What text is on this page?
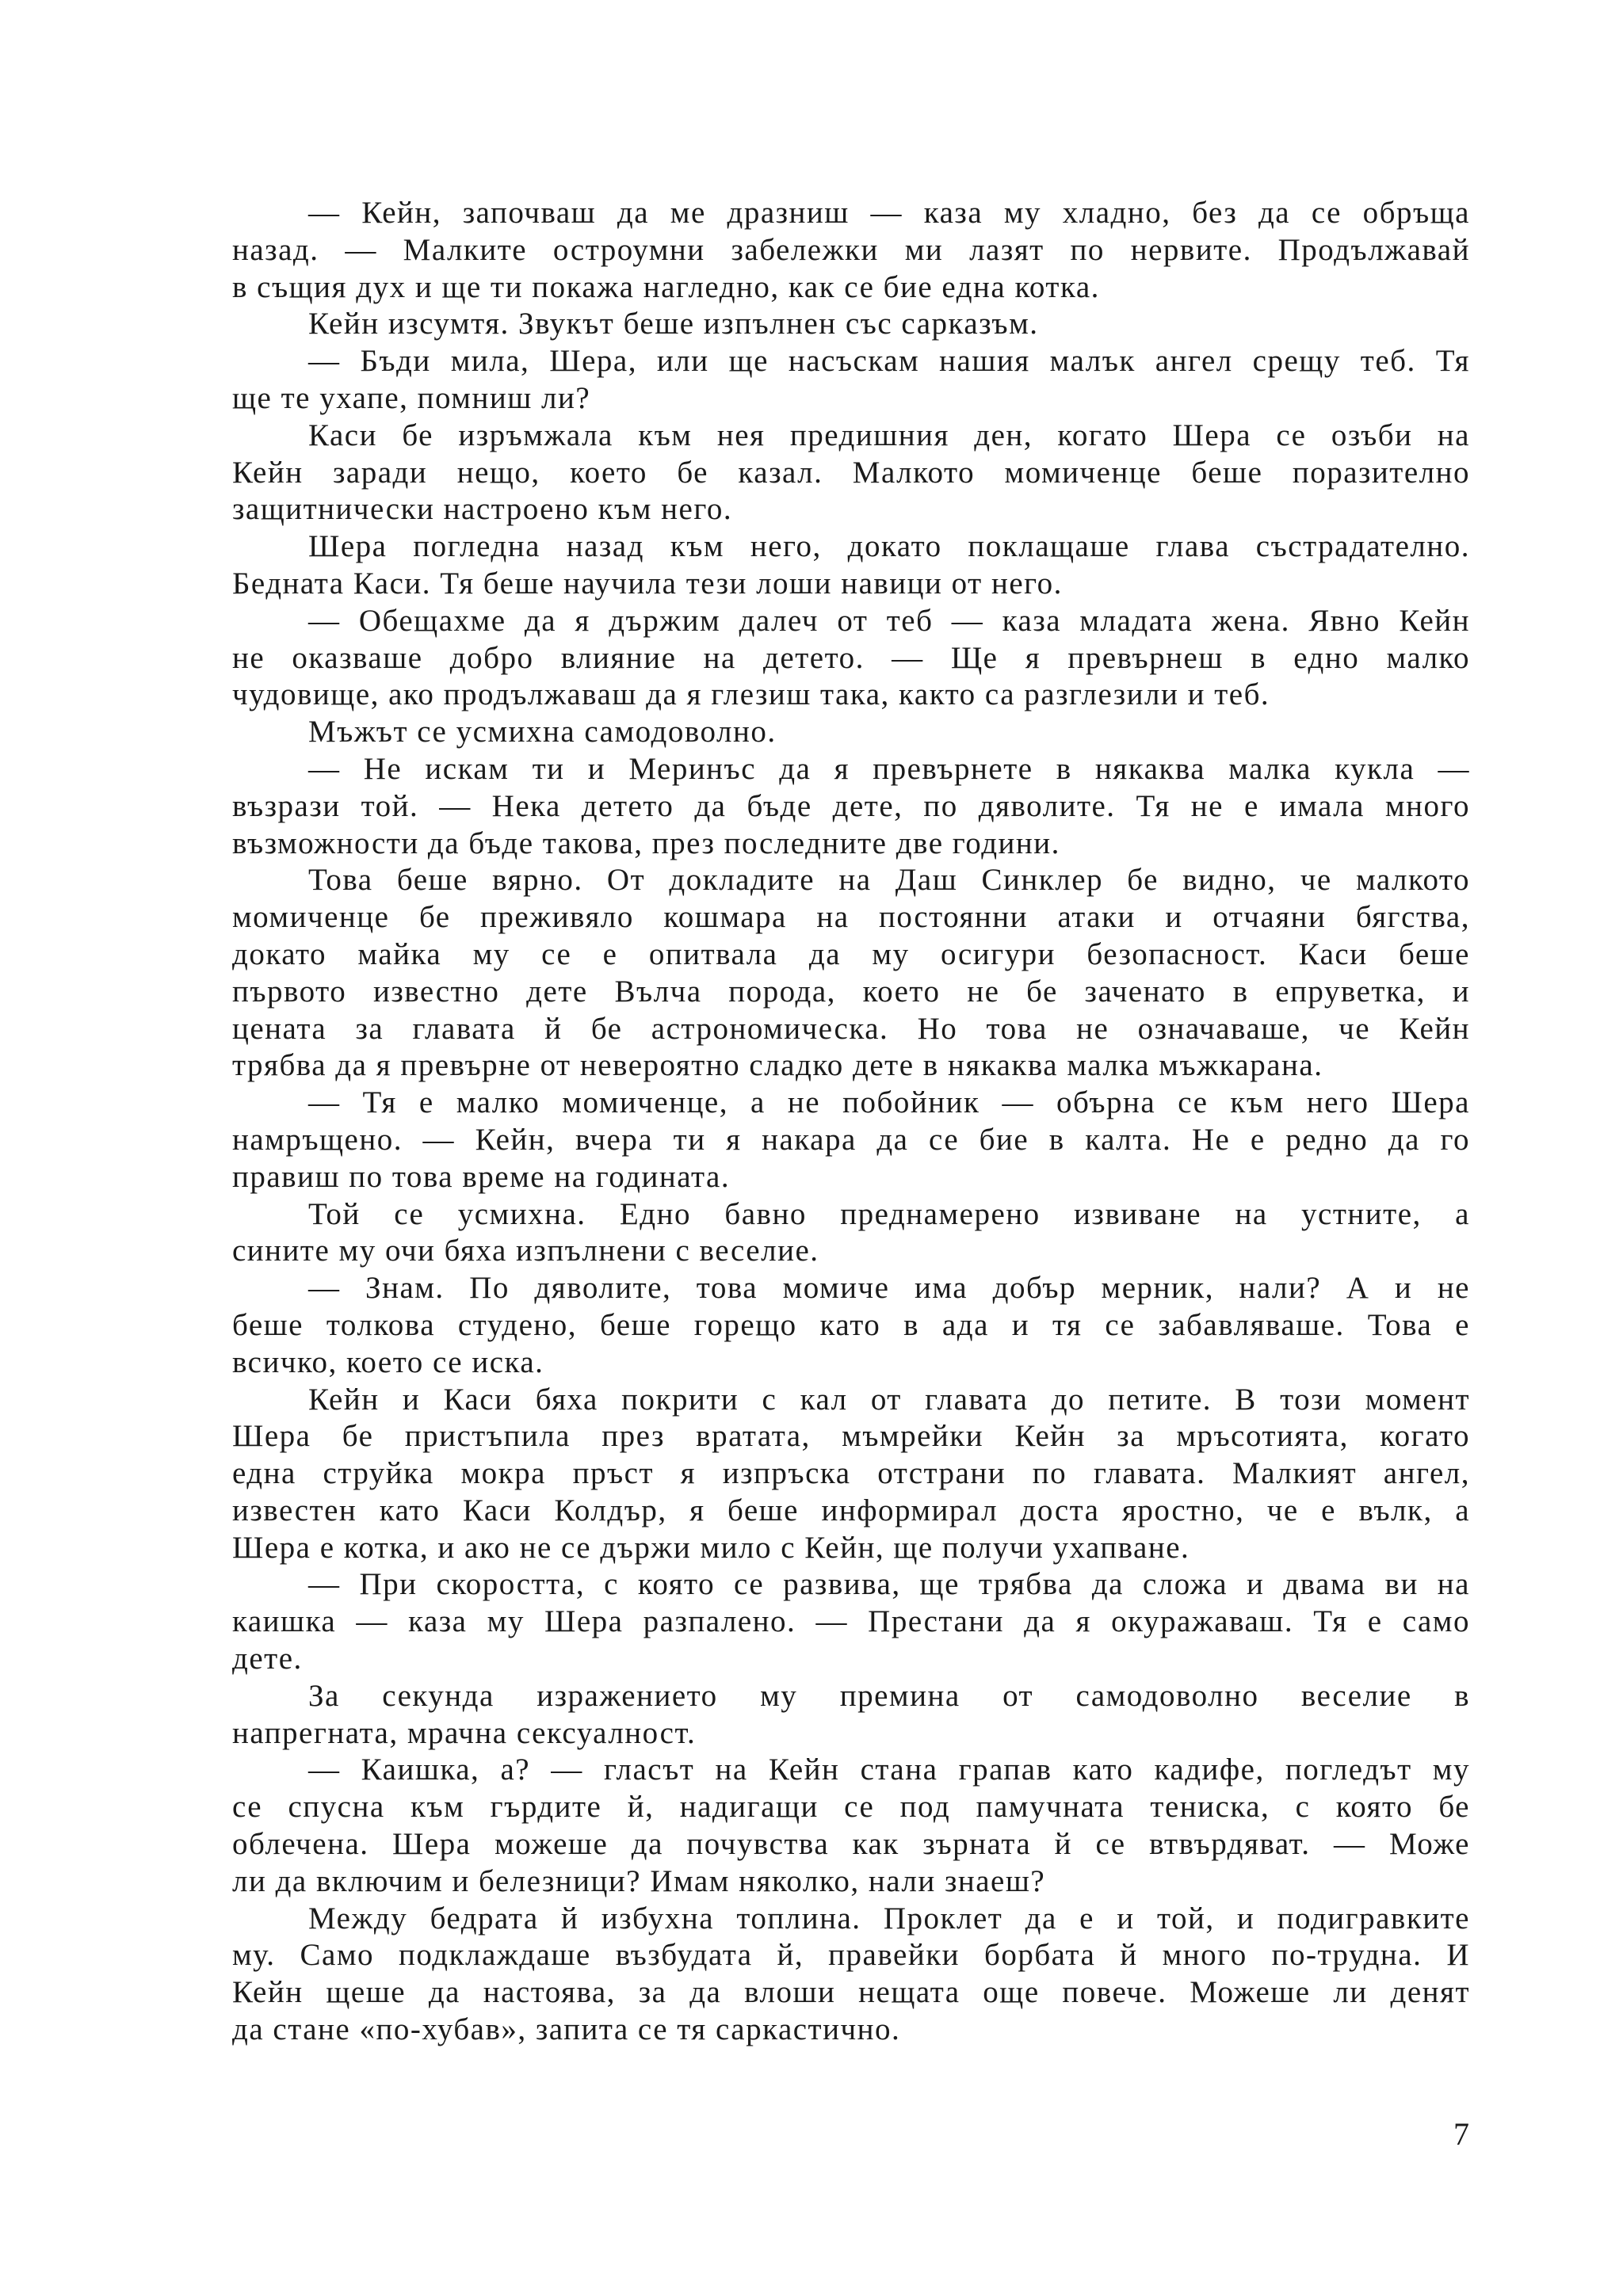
— Кейн, започваш да ме дразниш — каза му хладно, без да се обръща
назад. — Малките остроумни забележки ми лазят по нервите. Продължавай
в същия дух и ще ти покажа нагледно, как се бие една котка.
Кейн изсумтя. Звукът беше изпълнен със сарказъм.
— Бъди мила, Шера, или ще насъскам нашия малък ангел срещу теб. Тя
ще те ухапе, помниш ли?
Каси бе изръмжала към нея предишния ден, когато Шера се озъби на
Кейн заради нещо, което бе казал. Малкото момиченце беше поразително
защитнически настроено към него.
Шера погледна назад към него, докато поклащаше глава състрадателно.
Бедната Каси. Тя беше научила тези лоши навици от него.
— Обещахме да я държим далеч от теб — каза младата жена. Явно Кейн
не оказваше добро влияние на детето. — Ще я превърнеш в едно малко
чудовище, ако продължаваш да я глезиш така, както са разглезили и теб.
Мъжът се усмихна самодоволно.
— Не искам ти и Меринъс да я превърнете в някаква малка кукла —
възрази той. — Нека детето да бъде дете, по дяволите. Тя не е имала много
възможности да бъде такова, през последните две години.
Това беше вярно. От докладите на Даш Синклер бе видно, че малкото
момиченце бе преживяло кошмара на постоянни атаки и отчаяни бягства,
докато майка му се е опитвала да му осигури безопасност. Каси беше
първото известно дете Вълча порода, което не бе заченато в епруветка, и
цената за главата й бе астрономическа. Но това не означаваше, че Кейн
трябва да я превърне от невероятно сладко дете в някаква малка мъжкарана.
— Тя е малко момиченце, а не побойник — обърна се към него Шера
намръщено. — Кейн, вчера ти я накара да се бие в калта. Не е редно да го
правиш по това време на годината.
Той се усмихна. Едно бавно преднамерено извиване на устните, а
сините му очи бяха изпълнени с веселие.
— Знам. По дяволите, това момиче има добър мерник, нали? А и не
беше толкова студено, беше горещо като в ада и тя се забавляваше. Това е
всичко, което се иска.
Кейн и Каси бяха покрити с кал от главата до петите. В този момент
Шера бе пристъпила през вратата, мъмрейки Кейн за мръсотията, когато
една струйка мокра пръст я изпръска отстрани по главата. Малкият ангел,
известен като Каси Колдър, я беше информирал доста яростно, че е вълк, а
Шера е котка, и ако не се държи мило с Кейн, ще получи ухапване.
— При скоростта, с която се развива, ще трябва да сложа и двама ви на
каишка — каза му Шера разпалено. — Престани да я окуражаваш. Тя е само
дете.
За секунда изражението му премина от самодоволно веселие в
напрегната, мрачна сексуалност.
— Каишка, а? — гласът на Кейн стана грапав като кадифе, погледът му
се спусна към гърдите й, надигащи се под памучната тениска, с която бе
облечена. Шера можеше да почувства как зърната й се втвърдяват. — Може
ли да включим и белезници? Имам няколко, нали знаеш?
Между бедрата й избухна топлина. Проклет да е и той, и подигравките
му. Само подклаждаше възбудата й, правейки борбата й много по-трудна. И
Кейн щеше да настоява, за да влоши нещата още повече. Можеше ли денят
да стане «по-хубав», запита се тя саркастично.
7
